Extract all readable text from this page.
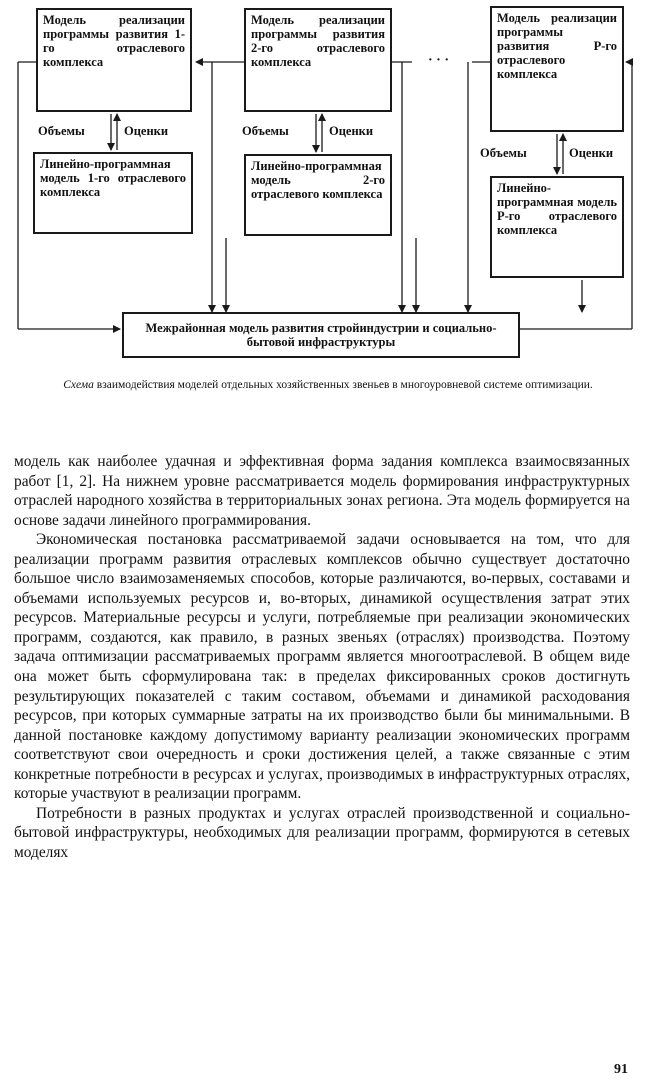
Модель реализации программы развития 1-го отраслевого комплекса
Модель реализации программы развития 2-го отраслевого комплекса
Модель реализации программы развития P-го отраслевого комплекса
Линейно-программная модель 1-го отраслевого комплекса
Линейно-программная модель 2-го отраслевого комплекса	Линейно-программная модель P-го отраслевого комплекса
Межрайонная модель развития стройиндустрии и социально-бытовой инфраструктуры
Объемы	Оценки	Объемы	Оценки
Объемы	Оценки
· · ·
Схема взаимодействия моделей отдельных хозяйственных звеньев в многоуровневой системе оптимизации.

модель как наиболее удачная и эффективная форма задания комплекса взаимосвязанных работ [1, 2]. На нижнем уровне рассматривается модель формирования инфраструктурных отраслей народного хозяйства в территориальных зонах региона. Эта модель формируется на основе задачи линейного программирования.

Экономическая постановка рассматриваемой задачи основывается на том, что для реализации программ развития отраслевых комплексов обычно существует достаточно большое число взаимозаменяемых способов, которые различаются, во-первых, составами и объемами используемых ресурсов и, во-вторых, динамикой осуществления затрат этих ресурсов. Материальные ресурсы и услуги, потребляемые при реализации экономических программ, создаются, как правило, в разных звеньях (отраслях) производства. Поэтому задача оптимизации рассматриваемых программ является многоотраслевой. В общем виде она может быть сформулирована так: в пределах фиксированных сроков достигнуть результирующих показателей с таким составом, объемами и динамикой расходования ресурсов, при которых суммарные затраты на их производство были бы минимальными. В данной постановке каждому допустимому варианту реализации экономических программ соответствуют свои очередность и сроки достижения целей, а также связанные с этим конкретные потребности в ресурсах и услугах, производимых в инфраструктурных отраслях, которые участвуют в реализации программ.

Потребности в разных продуктах и услугах отраслей производственной и социально-бытовой инфраструктуры, необходимых для реализации программ, формируются в сетевых моделях

91
